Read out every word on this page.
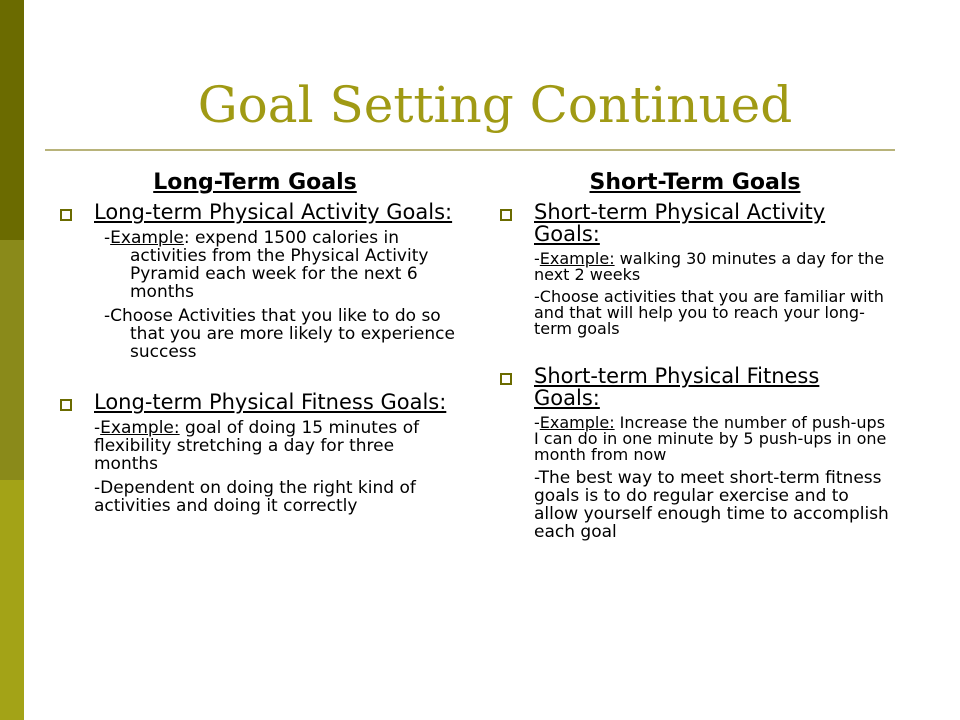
Goal Setting Continued
Long-Term Goals

Long-term Physical Activity Goals:

-Example: expend 1500 calories in activities from the Physical Activity Pyramid each week for the next 6 months

-Choose Activities that you like to do so that you are more likely to experience success

Long-term Physical Fitness Goals:

-Example: goal of doing 15 minutes of flexibility stretching a day for three months

-Dependent on doing the right kind of activities and doing it correctly

Short-Term Goals

Short-term Physical Activity Goals:

-Example: walking 30 minutes a day for the next 2 weeks

-Choose activities that you are familiar with and that will help you to reach your long-term goals

Short-term Physical Fitness Goals:

-Example: Increase the number of push-ups I can do in one minute by 5 push-ups in one month from now

-The best way to meet short-term fitness goals is to do regular exercise and to allow yourself enough time to accomplish each goal
